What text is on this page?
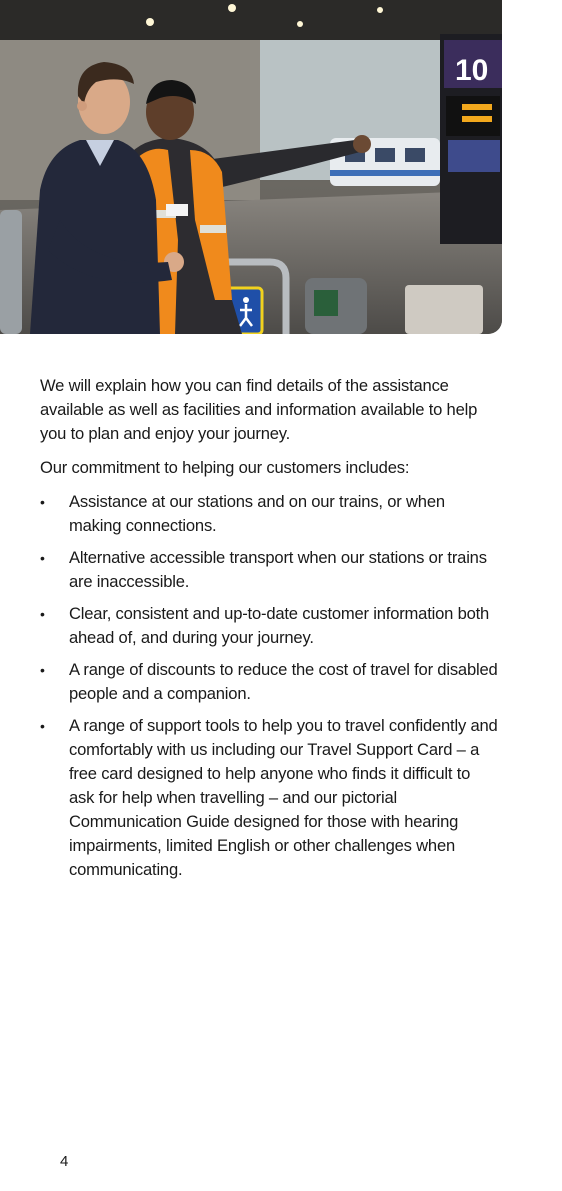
10

We will explain how you can find details of the assistance available as well as facilities and information available to help you to plan and enjoy your journey.

Our commitment to helping our customers includes:

• Assistance at our stations and on our trains, or when making connections.
• Alternative accessible transport when our stations or trains are inaccessible.
• Clear, consistent and up-to-date customer information both ahead of, and during your journey.
• A range of discounts to reduce the cost of travel for disabled people and a companion.
• A range of support tools to help you to travel confidently and comfortably with us including our Travel Support Card – a free card designed to help anyone who finds it difficult to ask for help when travelling – and our pictorial Communication Guide designed for those with hearing impairments, limited English or other challenges when communicating.
4
